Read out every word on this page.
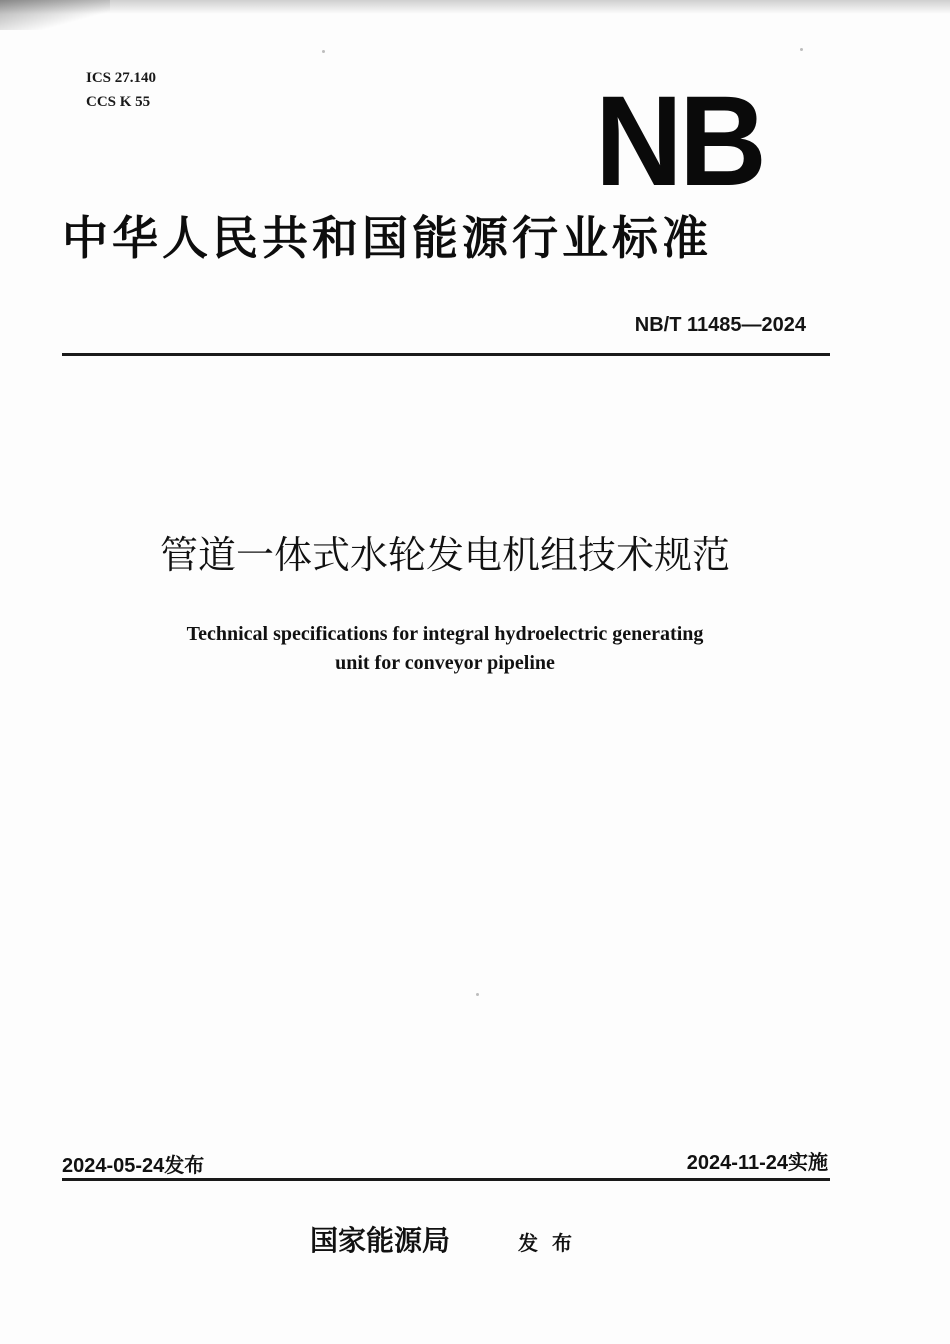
ICS 27.140
CCS K 55	NB
中华人民共和国能源行业标准
NB/T 11485—2024
管道一体式水轮发电机组技术规范
Technical specifications for integral hydroelectric generating
unit for conveyor pipeline
2024-05-24发布	2024-11-24实施
国家能源局	发布
